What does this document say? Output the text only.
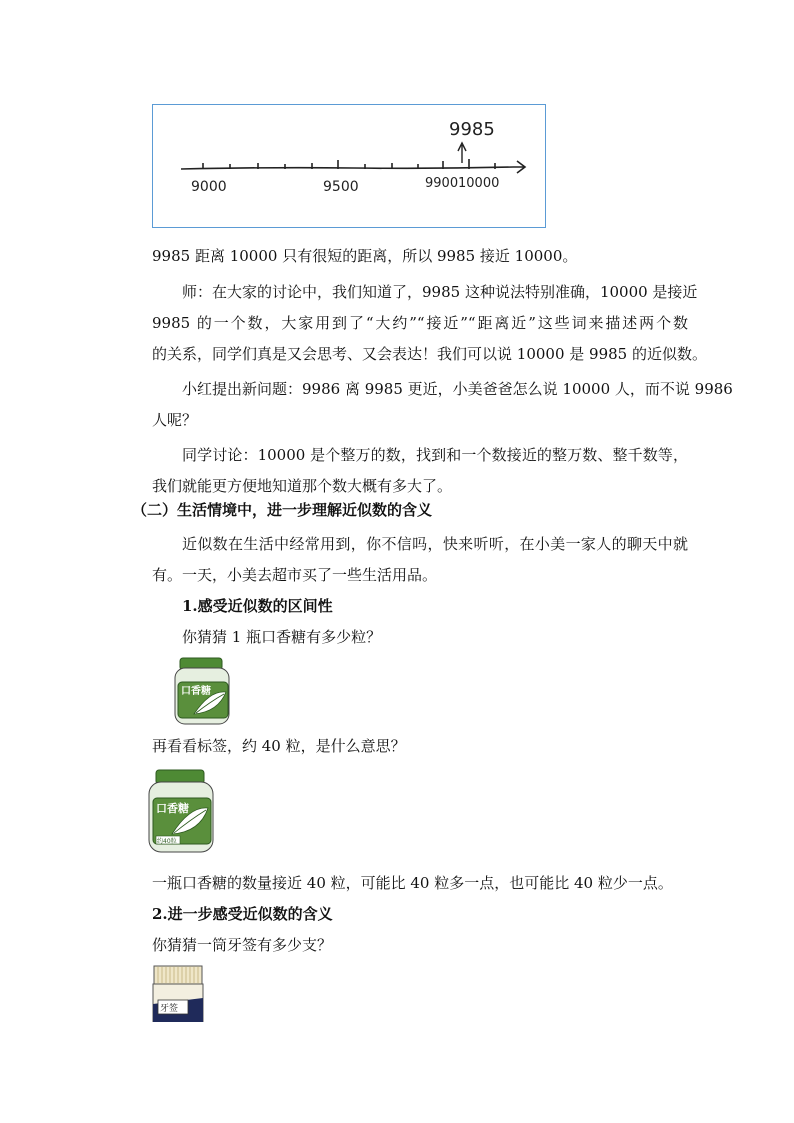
9985
9000	9500	9900 10000

9985 距离 10000 只有很短的距离，所以 9985 接近 10000。

师：在大家的讨论中，我们知道了，9985 这种说法特别准确，10000 是接近

9985 的一个数，大家用到了“大约”“接近”“距离近”这些词来描述两个数

的关系，同学们真是又会思考、又会表达！我们可以说 10000 是 9985 的近似数。

小红提出新问题：9986 离 9985 更近，小美爸爸怎么说 10000 人，而不说 9986

人呢？

同学讨论：10000 是个整万的数，找到和一个数接近的整万数、整千数等，

我们就能更方便地知道那个数大概有多大了。

（二）生活情境中，进一步理解近似数的含义

近似数在生活中经常用到，你不信吗，快来听听，在小美一家人的聊天中就

有。一天，小美去超市买了一些生活用品。

1.感受近似数的区间性

你猜猜 1 瓶口香糖有多少粒？

口香糖

再看看标签，约 40 粒，是什么意思？

口香糖
约40粒

一瓶口香糖的数量接近 40 粒，可能比 40 粒多一点，也可能比 40 粒少一点。

2.进一步感受近似数的含义

你猜猜一筒牙签有多少支？

牙签
